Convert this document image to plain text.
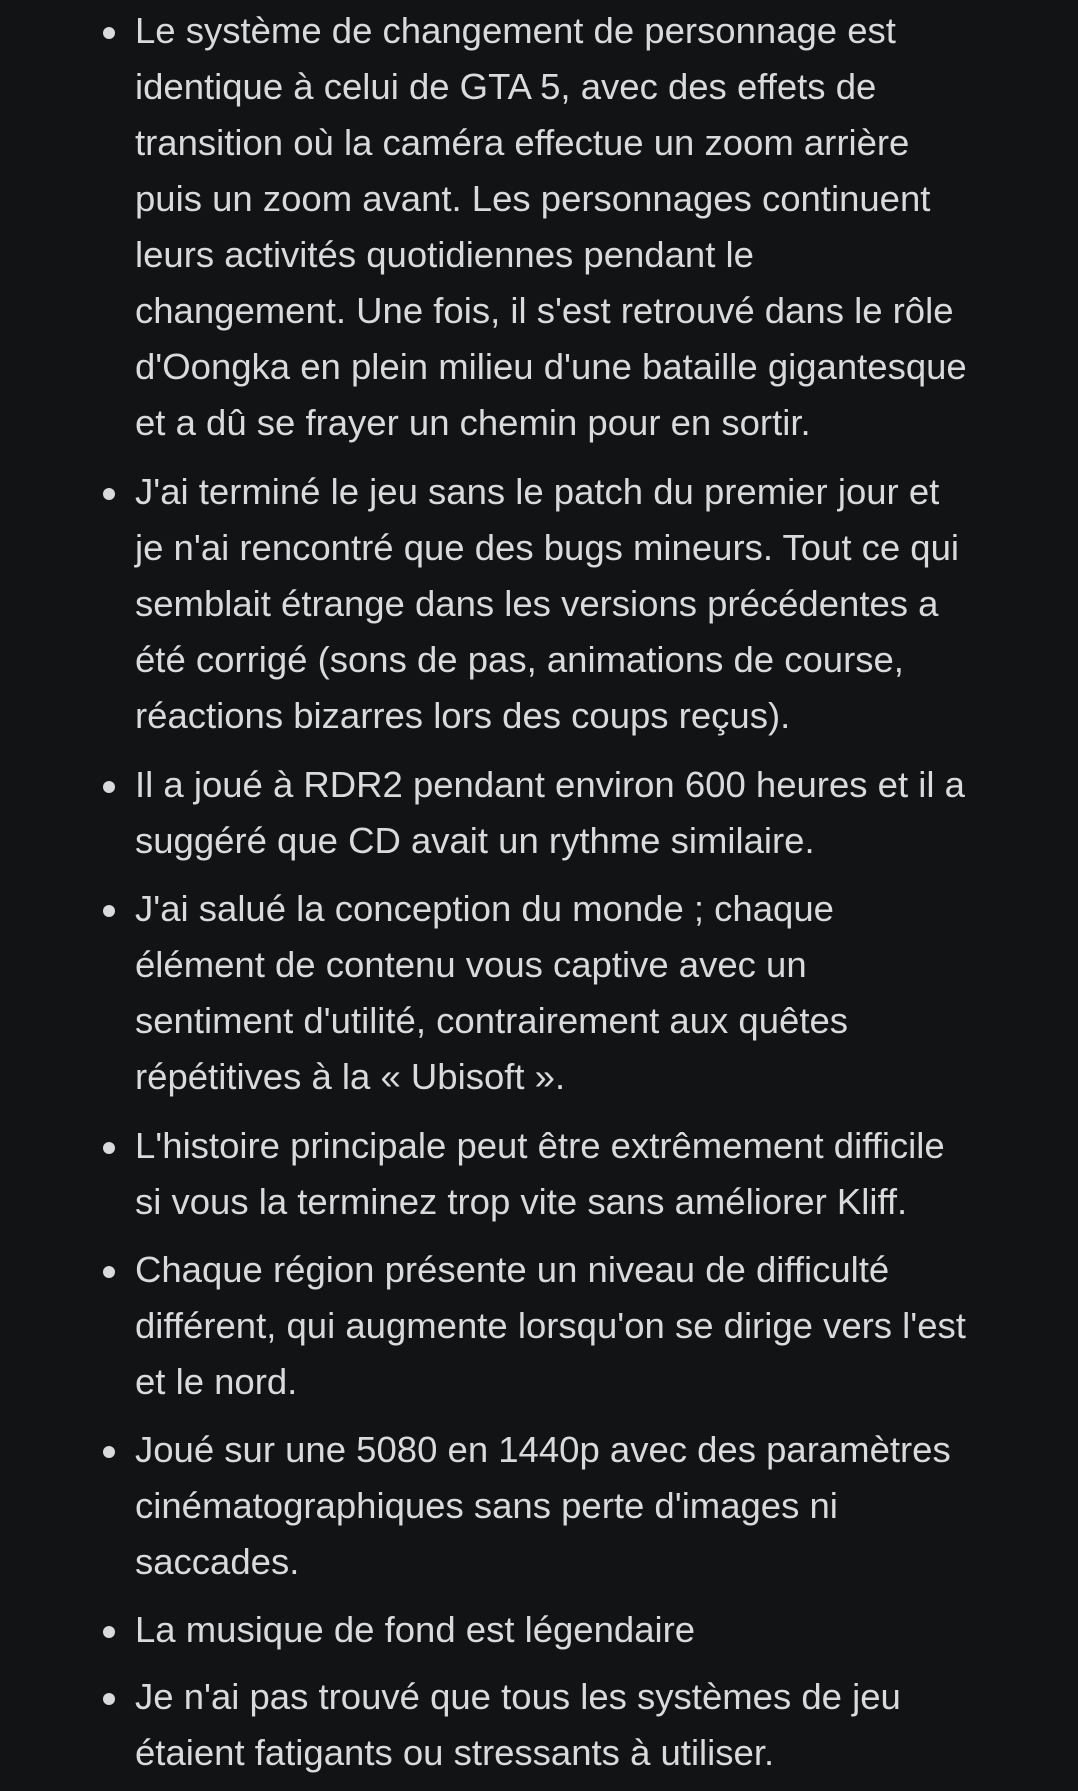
Le système de changement de personnage est
identique à celui de GTA 5, avec des effets de
transition où la caméra effectue un zoom arrière
puis un zoom avant. Les personnages continuent
leurs activités quotidiennes pendant le
changement. Une fois, il s'est retrouvé dans le rôle
d'Oongka en plein milieu d'une bataille gigantesque
et a dû se frayer un chemin pour en sortir.
J'ai terminé le jeu sans le patch du premier jour et
je n'ai rencontré que des bugs mineurs. Tout ce qui
semblait étrange dans les versions précédentes a
été corrigé (sons de pas, animations de course,
réactions bizarres lors des coups reçus).
Il a joué à RDR2 pendant environ 600 heures et il a
suggéré que CD avait un rythme similaire.
J'ai salué la conception du monde ; chaque
élément de contenu vous captive avec un
sentiment d'utilité, contrairement aux quêtes
répétitives à la « Ubisoft ».
L'histoire principale peut être extrêmement difficile
si vous la terminez trop vite sans améliorer Kliff.
Chaque région présente un niveau de difficulté
différent, qui augmente lorsqu'on se dirige vers l'est
et le nord.
Joué sur une 5080 en 1440p avec des paramètres
cinématographiques sans perte d'images ni
saccades.
La musique de fond est légendaire
Je n'ai pas trouvé que tous les systèmes de jeu
étaient fatigants ou stressants à utiliser.
